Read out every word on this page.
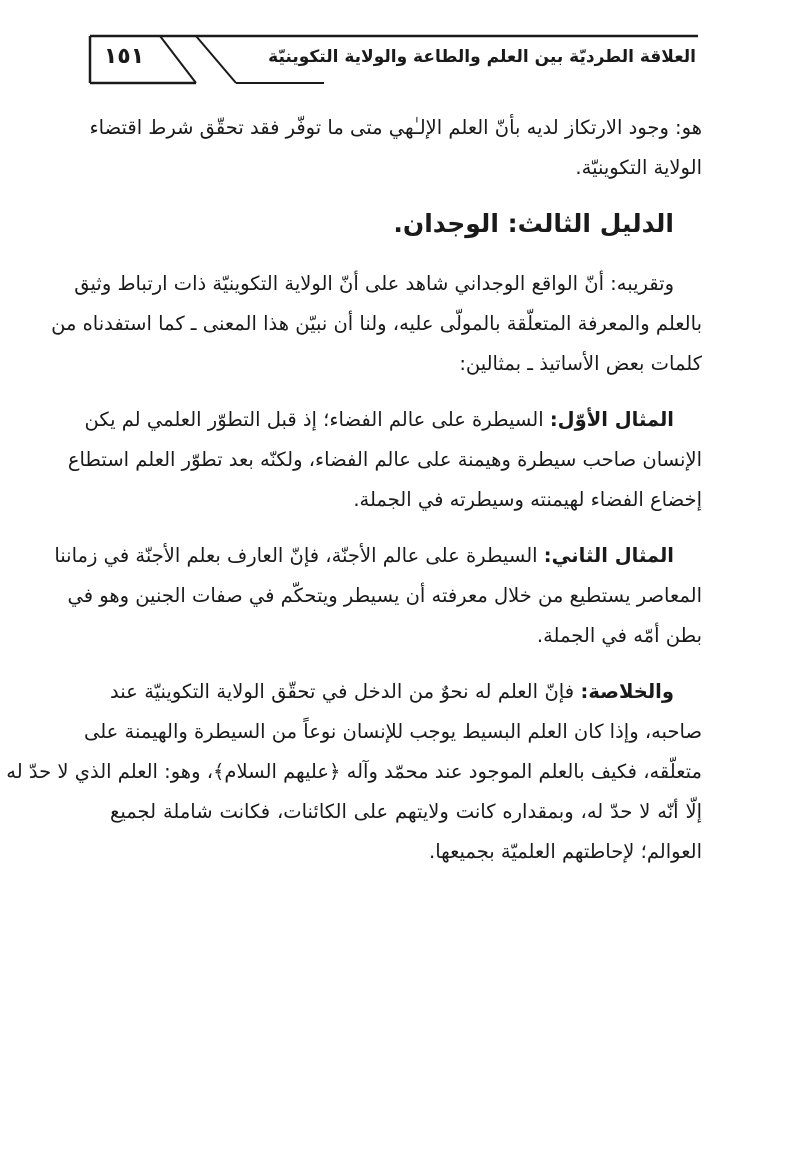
١٥١	العلاقة الطرديّة بين العلم والطاعة والولاية التكوينيّة

هو: وجود الارتكاز لديه بأنّ العلم الإلـٰهي متى ما توفّر فقد تحقّق شرط اقتضاء
الولاية التكوينيّة.

الدليل الثالث: الوجدان.

وتقريبه: أنّ الواقع الوجداني شاهد على أنّ الولاية التكوينيّة ذات ارتباط وثيق
بالعلم والمعرفة المتعلّقة بالمولّى عليه، ولنا أن نبيّن هذا المعنى ـ كما استفدناه من
كلمات بعض الأساتيذ ـ بمثالين:

المثال الأوّل: السيطرة على عالم الفضاء؛ إذ قبل التطوّر العلمي لم يكن
الإنسان صاحب سيطرة وهيمنة على عالم الفضاء، ولكنّه بعد تطوّر العلم استطاع
إخضاع الفضاء لهيمنته وسيطرته في الجملة.

المثال الثاني: السيطرة على عالم الأجنّة، فإنّ العارف بعلم الأجنّة في زماننا
المعاصر يستطيع من خلال معرفته أن يسيطر ويتحكّم في صفات الجنين وهو في
بطن أمّه في الجملة.

والخلاصة: فإنّ العلم له نحوٌ من الدخل في تحقّق الولاية التكوينيّة عند
صاحبه، وإذا كان العلم البسيط يوجب للإنسان نوعاً من السيطرة والهيمنة على
متعلّقه، فكيف بالعلم الموجود عند محمّد وآله ﴿عليهم السلام﴾، وهو: العلم الذي لا حدّ له
إلّا أنّه لا حدّ له، وبمقداره كانت ولايتهم على الكائنات، فكانت شاملة لجميع
العوالم؛ لإحاطتهم العلميّة بجميعها.
